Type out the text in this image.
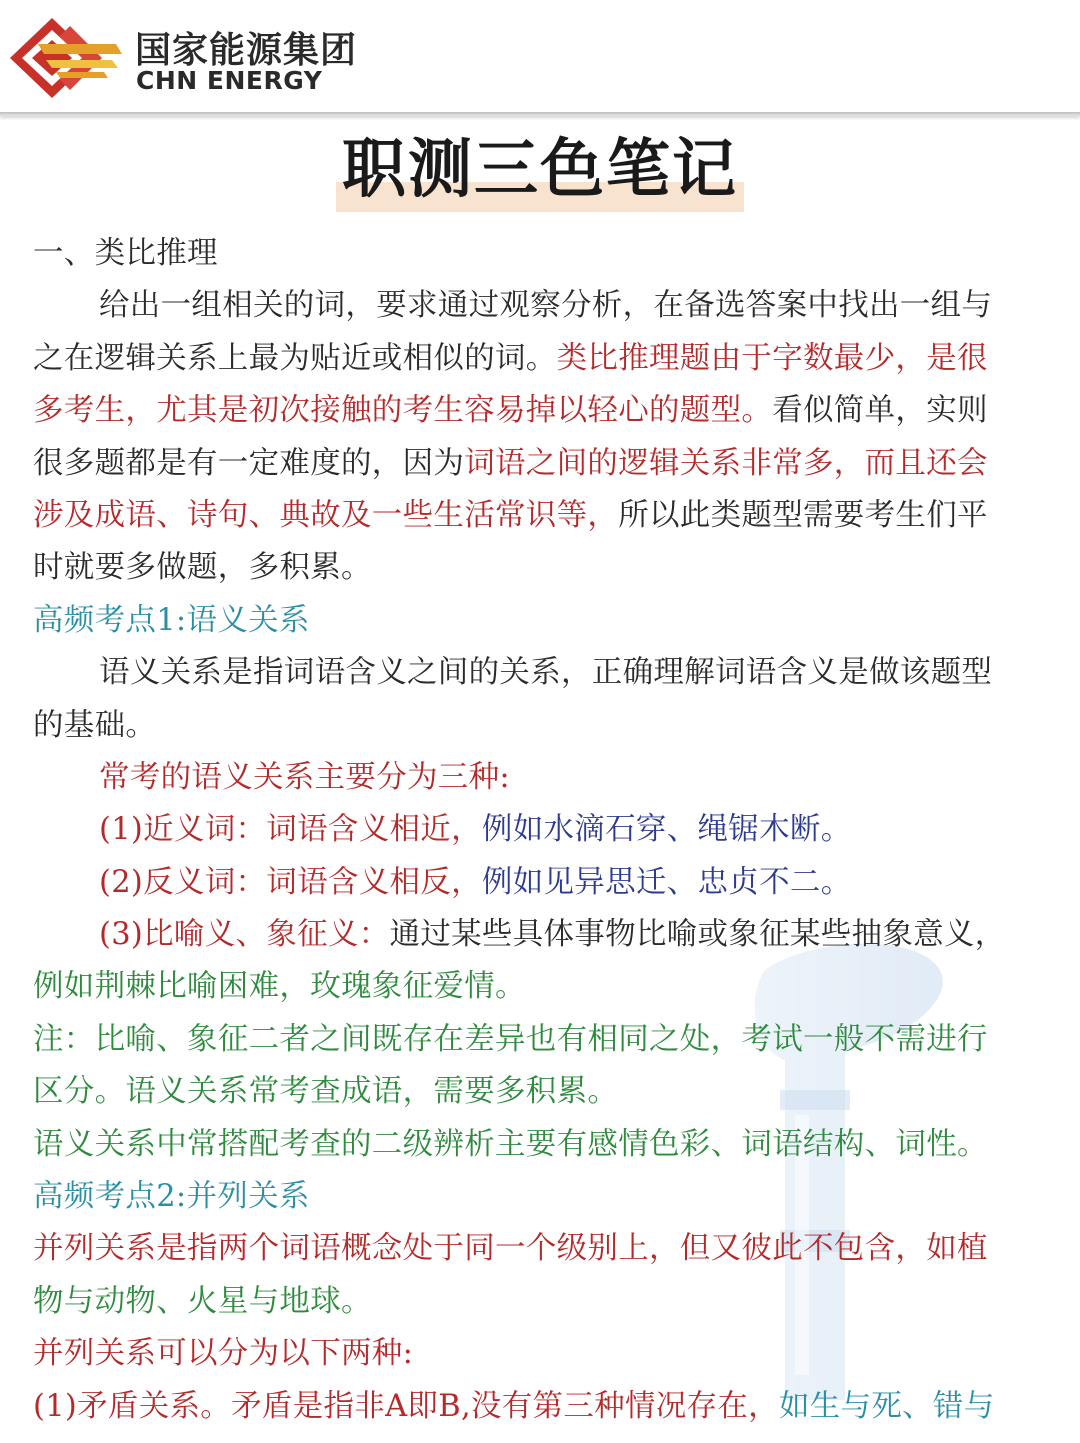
国家能源集团
CHN ENERGY
职测三色笔记
一、类比推理
给出一组相关的词，要求通过观察分析，在备选答案中找出一组与
之在逻辑关系上最为贴近或相似的词。类比推理题由于字数最少，是很
多考生，尤其是初次接触的考生容易掉以轻心的题型。看似简单，实则
很多题都是有一定难度的，因为词语之间的逻辑关系非常多，而且还会
涉及成语、诗句、典故及一些生活常识等，所以此类题型需要考生们平
时就要多做题，多积累。
高频考点1:语义关系
语义关系是指词语含义之间的关系，正确理解词语含义是做该题型
的基础。
常考的语义关系主要分为三种:
(1)近义词：词语含义相近，例如水滴石穿、绳锯木断。
(2)反义词：词语含义相反，例如见异思迁、忠贞不二。
(3)比喻义、象征义：通过某些具体事物比喻或象征某些抽象意义，
例如荆棘比喻困难，玫瑰象征爱情。
注：比喻、象征二者之间既存在差异也有相同之处，考试一般不需进行
区分。语义关系常考查成语，需要多积累。
语义关系中常搭配考查的二级辨析主要有感情色彩、词语结构、词性。
高频考点2:并列关系
并列关系是指两个词语概念处于同一个级别上，但又彼此不包含，如植
物与动物、火星与地球。
并列关系可以分为以下两种:
(1)矛盾关系。矛盾是指非A即B,没有第三种情况存在，如生与死、错与
